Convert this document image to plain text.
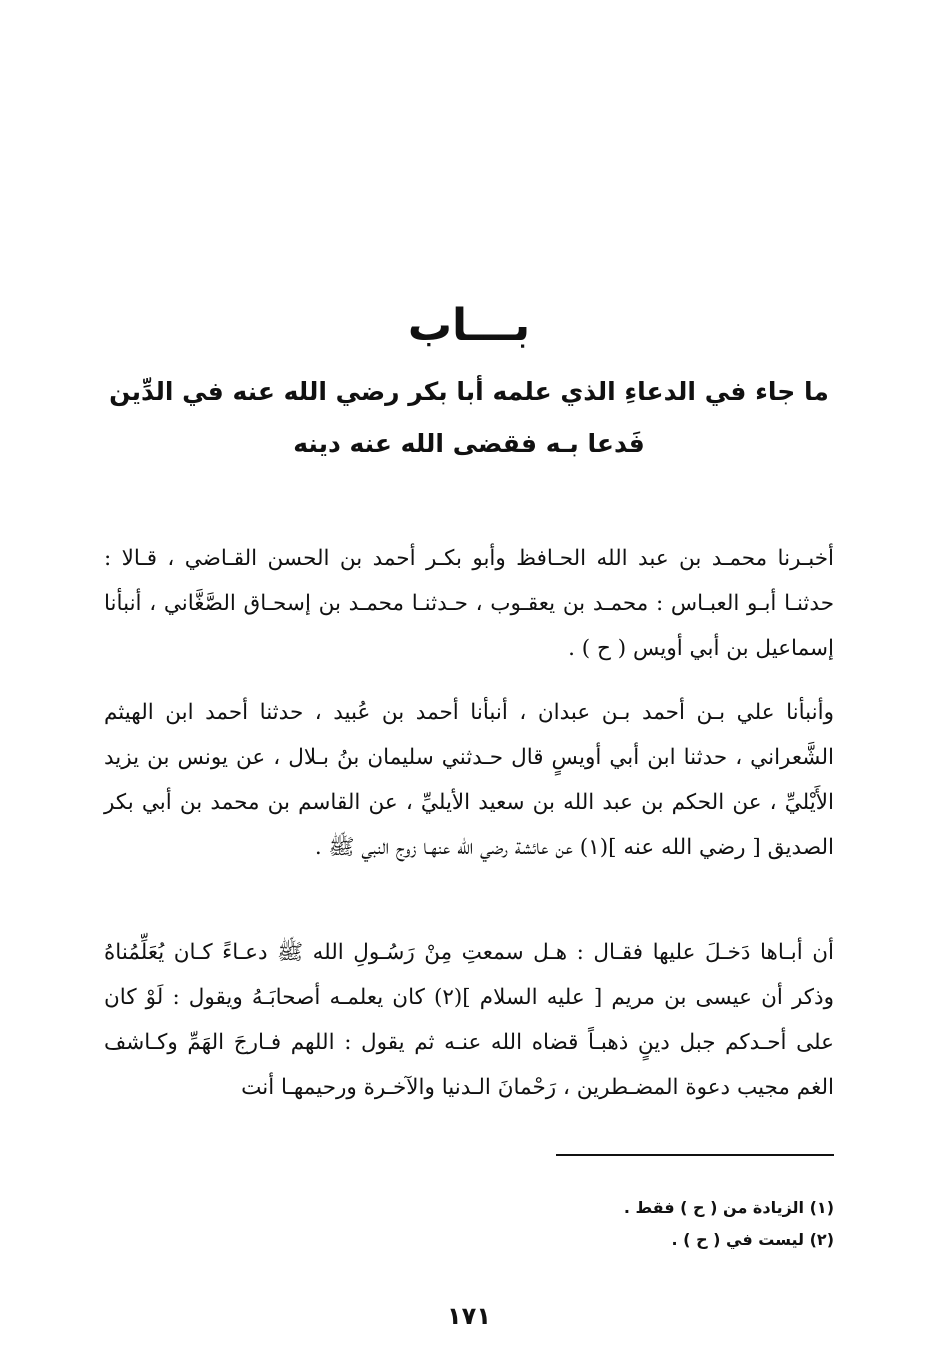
بـــاب
ما جاء في الدعاءِ الذي علمه أبا بكر رضي الله عنه في الدِّين فَدعا بـه فقضى الله عنه دينه

أخبـرنا محمـد بن عبد الله الحـافظ وأبو بكـر أحمد بن الحسن القـاضي ، قـالا : حدثنـا أبـو العبـاس : محمـد بن يعقـوب ، حـدثنـا محمـد بن إسحـاق الصَّغَّاني ، أنبأنا إسماعيل بن أبي أويس ( ح ) .

وأنبأنا علي بـن أحمد بـن عبدان ، أنبأنا أحمد بن عُبيد ، حدثنا أحمد ابن الهيثم الشَّعراني ، حدثنا ابن أبي أويسٍ قال حـدثني سليمان بنُ بـلال ، عن يونس بن يزيد الأَيْليِّ ، عن الحكم بن عبد الله بن سعيد الأيليِّ ، عن القاسم بن محمد بن أبي بكر الصديق [ رضي الله عنه ](١) عن عائشة رضي الله عنهـا زوج النبي ﷺ .

أن أبـاها دَخـلَ عليها فقـال : هـل سمعتِ مِنْ رَسُـولِ الله ﷺ دعـاءً كـان يُعَلِّمُناهُ وذكر أن عيسى بن مريم [ عليه السلام ](٢) كان يعلمـه أصحابَـهُ ويقول : لَوْ كان على أحـدكم جبل دينٍ ذهبـاً قضاه الله عنـه ثم يقول : اللهم فـارجَ الهَمِّ وكـاشف الغم مجيب دعوة المضـطرين ، رَحْمانَ الـدنيا والآخـرة ورحيمهـا أنت

(١) الزيادة من ( ح ) فقط .
(٢) ليست في ( ح ) .
١٧١
